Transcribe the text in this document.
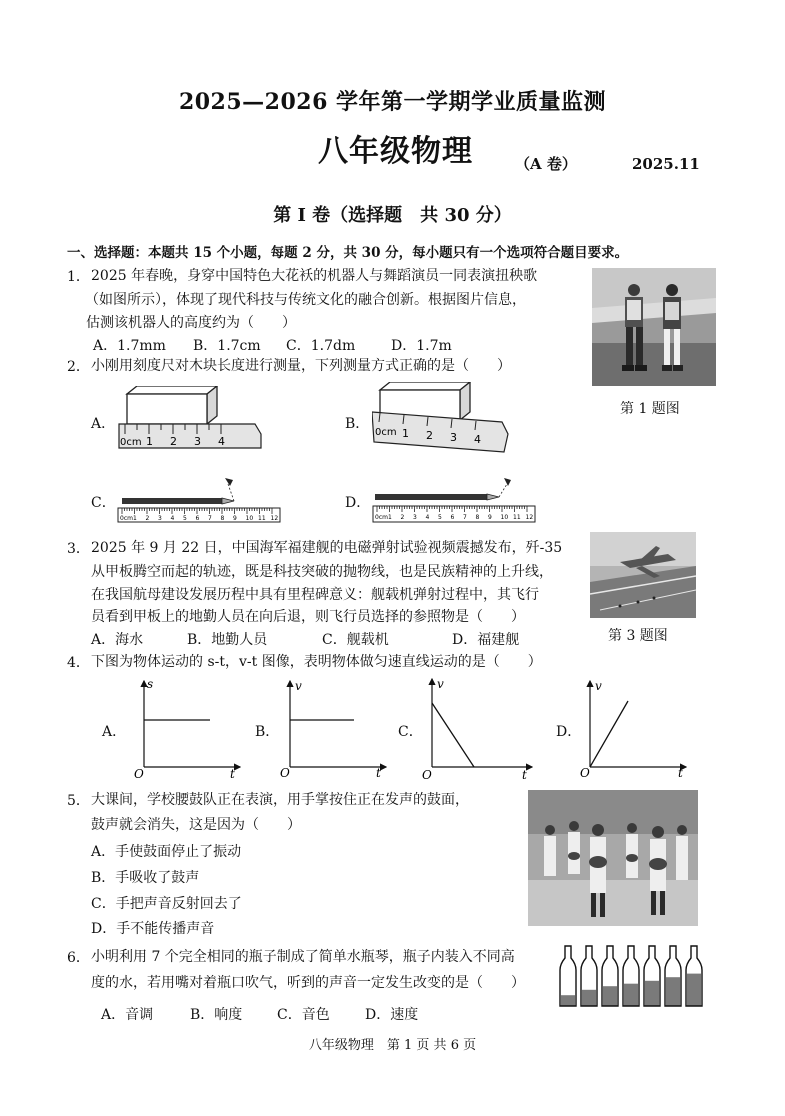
2025—2026 学年第一学期学业质量监测
八年级物理	（A 卷）	2025.11
第 I 卷（选择题　共 30 分）
一、选择题：本题共 15 个小题，每题 2 分，共 30 分，每小题只有一个选项符合题目要求。
1． 2025 年春晚，身穿中国特色大花袄的机器人与舞蹈演员一同表演扭秧歌
（如图所示），体现了现代科技与传统文化的融合创新。根据图片信息，
估测该机器人的高度约为（　　）
A．1.7mm B．1.7cm C．1.7dm	D．1.7m
第 1 题图
2． 小刚用刻度尺对木块长度进行测量，下列测量方式正确的是（　　）
A．
0cm 1 2 3 4
B．
0cm 1 2 3 4
C．
0cm 1 2 3 4 5 6 7 8 9 10 11 12
D．
0cm 1 2 3 4 5 6 7 8 9 10 11 12
3． 2025 年 9 月 22 日，中国海军福建舰的电磁弹射试验视频震撼发布，歼-35
从甲板腾空而起的轨迹，既是科技突破的抛物线，也是民族精神的上升线，
在我国航母建设发展历程中具有里程碑意义：舰载机弹射过程中，其飞行
员看到甲板上的地勤人员在向后退，则飞行员选择的参照物是（　　）
A．海水	B．地勤人员	C．舰载机	D．福建舰	第 3 题图
4． 下图为物体运动的 s-t，v-t 图像，表明物体做匀速直线运动的是（　　）
A．	B．	C．	D．
s
t
O
v
t
O
v
t
O
v
t
O
5． 大课间，学校腰鼓队正在表演，用手掌按住正在发声的鼓面，
鼓声就会消失，这是因为（　　）
A．手使鼓面停止了振动
B．手吸收了鼓声
C．手把声音反射回去了
D．手不能传播声音
6． 小明利用 7 个完全相同的瓶子制成了简单水瓶琴，瓶子内装入不同高
度的水，若用嘴对着瓶口吹气，听到的声音一定发生改变的是（　　）
A．音调	B．响度 C．音色	D．速度
八年级物理　第 1 页 共 6 页
